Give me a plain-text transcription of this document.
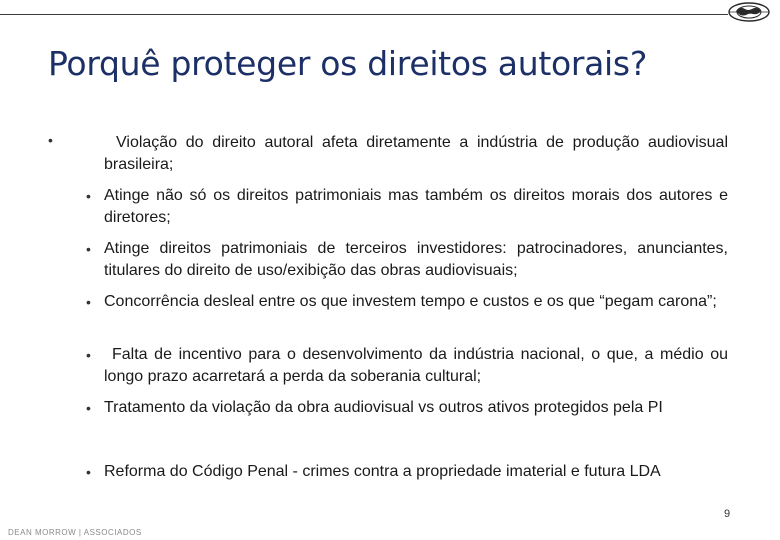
Porquê proteger os direitos autorais?
•	Violação do direito autoral afeta diretamente a indústria de produção audiovisual brasileira;
• Atinge não só os direitos patrimoniais mas também os direitos morais dos autores e diretores;
• Atinge direitos patrimoniais de terceiros investidores: patrocinadores, anunciantes, titulares do direito de uso/exibição das obras audiovisuais;
• Concorrência desleal entre os que investem tempo e custos e os que “pegam carona”;
• Falta de incentivo para o desenvolvimento da indústria nacional, o que, a médio ou longo prazo acarretará a perda da soberania cultural;
• Tratamento da violação da obra audiovisual vs outros ativos protegidos pela PI
• Reforma do Código Penal - crimes contra a propriedade imaterial e futura LDA
9
DEAN MORROW | ASSOCIADOS
